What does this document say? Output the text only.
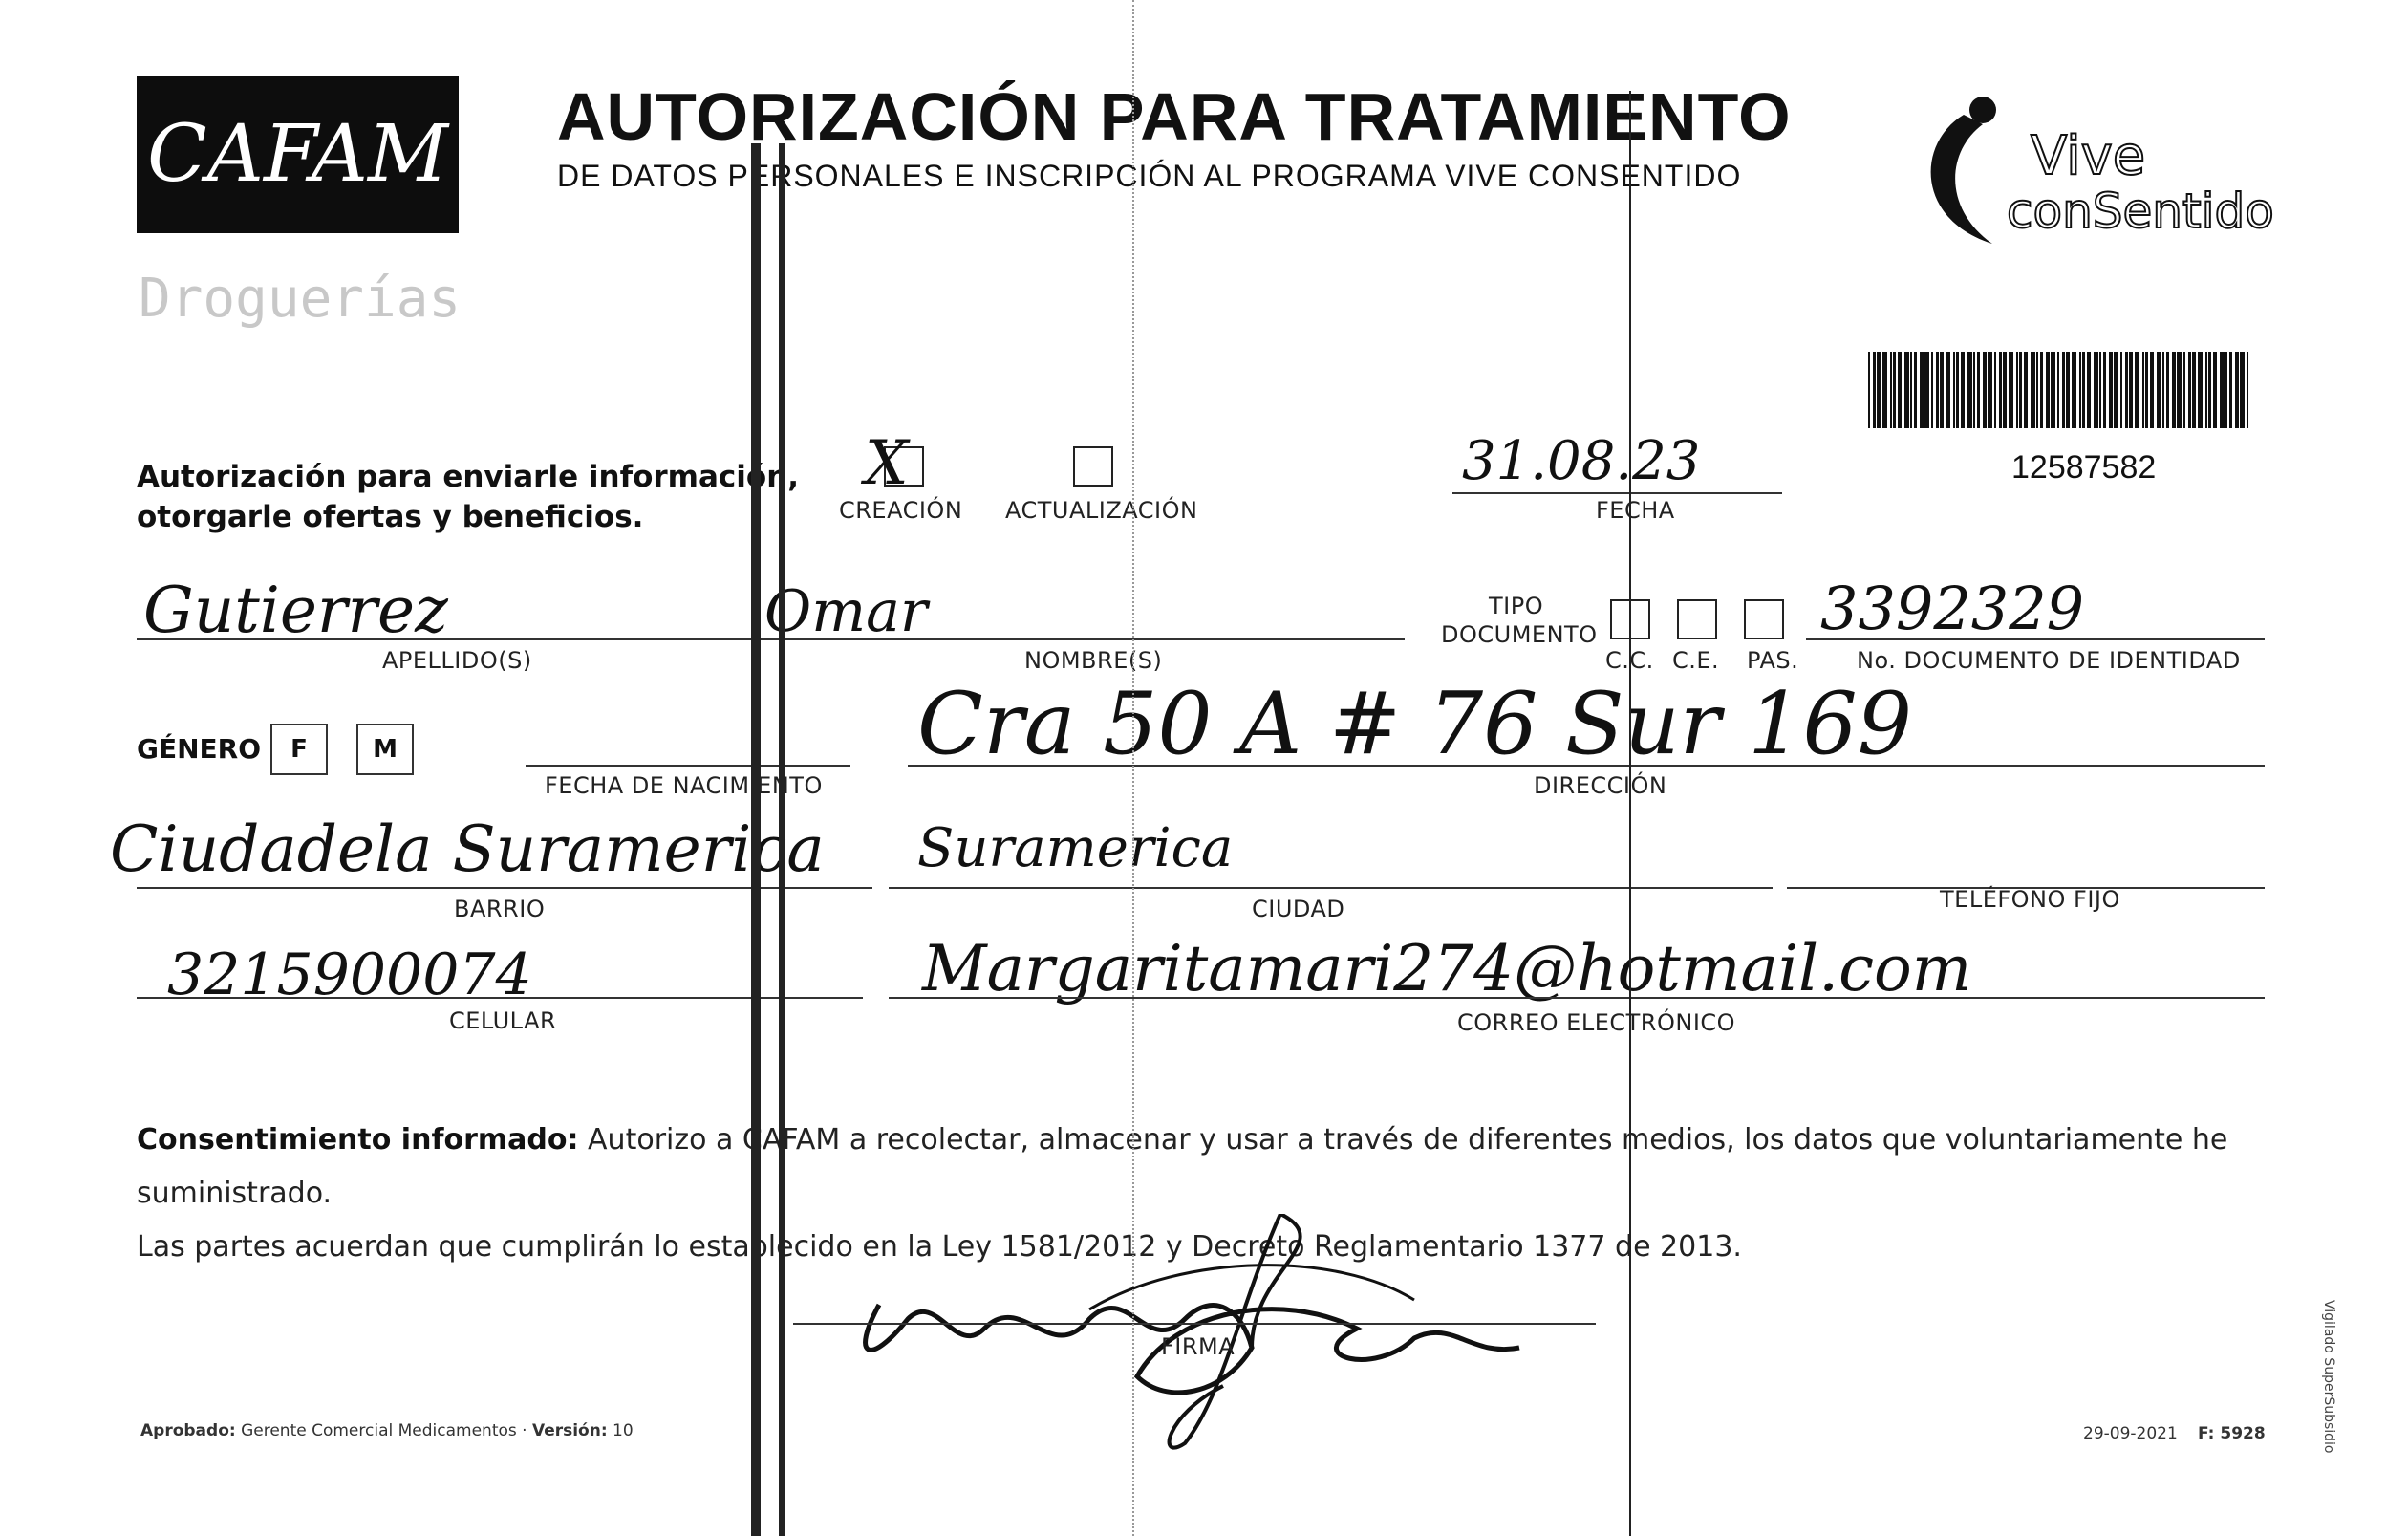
CAFAM
Droguerías
AUTORIZACIÓN PARA TRATAMIENTO
DE DATOS PERSONALES E INSCRIPCIÓN AL PROGRAMA VIVE CONSENTIDO	Vive
conSentido
12587582
Autorización para enviarle información,
otorgarle ofertas y beneficios.
X
CREACIÓN ACTUALIZACIÓN
31.08.23
FECHA
Gutierrez
APELLIDO(S)
Omar
NOMBRE(S)
TIPO
DOCUMENTO
C.C. C.E. PAS.
3392329
No. DOCUMENTO DE IDENTIDAD
GÉNERO	F	M
FECHA DE NACIMIENTO
Cra 50 A # 76 Sur 169
DIRECCIÓN
Ciudadela Suramerica
BARRIO
Suramerica
CIUDAD	TELÉFONO FIJO
3215900074
CELULAR
Margaritamari274@hotmail.com
CORREO ELECTRÓNICO
Consentimiento informado: Autorizo a CAFAM a recolectar, almacenar y usar a través de diferentes medios, los datos que voluntariamente he suministrado.
Las partes acuerdan que cumplirán lo establecido en la Ley 1581/2012 y Decreto Reglamentario 1377 de 2013.
FIRMA
Aprobado: Gerente Comercial Medicamentos · Versión: 10	29-09-2021 F: 5928	Vigilado SuperSubsidio
